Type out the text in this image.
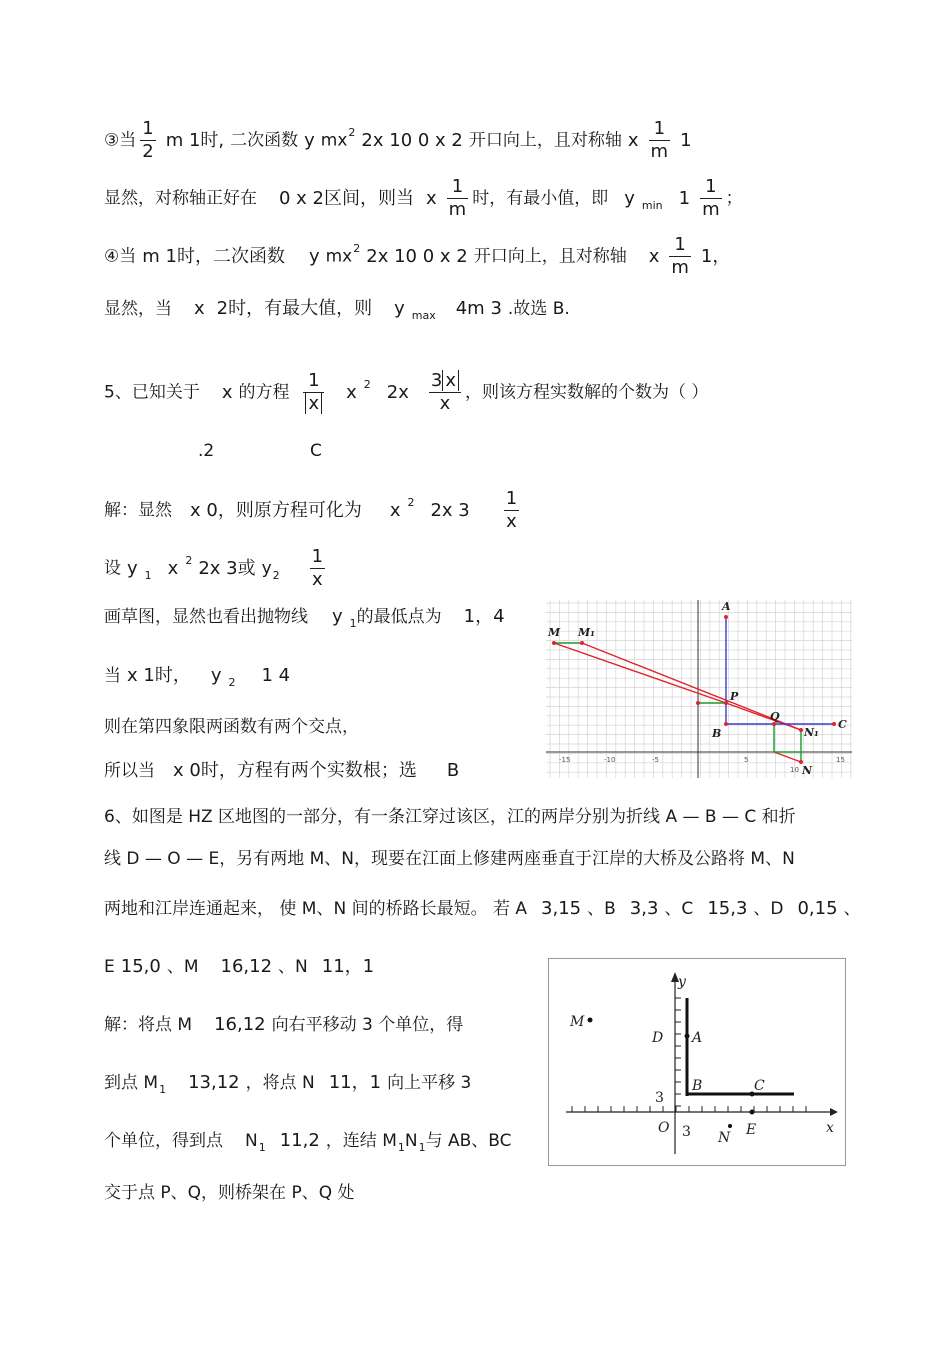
③当 $\frac{1}{2}$ m 1时, 二次函数 y $mx^2$ 2x 10 0 x 2 开口向上，且对称轴 x $\frac{1}{m} 1$
显然，对称轴正好在 0 x 2区间，则当 x $\frac{1}{m}$ 时，有最小值，即 y $_{min}$ $1 \frac{1}{m}$ ；
④当 m 1时，二次函数 y $mx^2$ 2x 10 0 x 2 开口向上，且对称轴 x $\frac{1}{m} 1$，
显然，当 x 2时，有最大值，则 y $_{max}$ 4m 3 .故选 B.
5、已知关于 x 的方程 $\frac{1}{x}$ x $^2$ $2x \frac{3 x}{x}$ ，则该方程实数解的个数为（ ）
.2	C
解：显然 x 0，则原方程可化为 x $^2$ 2x $3 \frac{1}{x}$
设 y $_1$ x $^2$ 2x 3或 $y_2 \frac{1}{x}$
画草图，显然也看出抛物线 y $_1$的最低点为 1，4
当 x 1时， y $_2$ 1 4
则在第四象限两函数有两个交点，
所以当 x 0时，方程有两个实数根；选 B
M M₁
A
P
B
Q
C
N₁
N
-15	-10	-5	5
10
15
6、如图是 HZ 区地图的一部分，有一条江穿过该区，江的两岸分别为折线 A — B — C 和折
线 D — O — E，另有两地 M、N，现要在江面上修建两座垂直于江岸的大桥及公路将 M、N
两地和江岸连通起来， 使 M、N 间的桥路长最短。 若 A 3,15 、B 3,3 、C 15,3 、D 0,15 、
E 15,0 、M 16,12 、N 11，1
解：将点 M 16,12 向右平移动 3 个单位，得
到点 $M_1$ 13,12 ，将点 N 11，1 向上平移 3
个单位，得到点 $N_1$ 11,2 ，连结 $M_1N_1$与 AB、BC
交于点 P、Q，则桥架在 P、Q 处
y
x
D A
M
B	C
3
O 3 N E
